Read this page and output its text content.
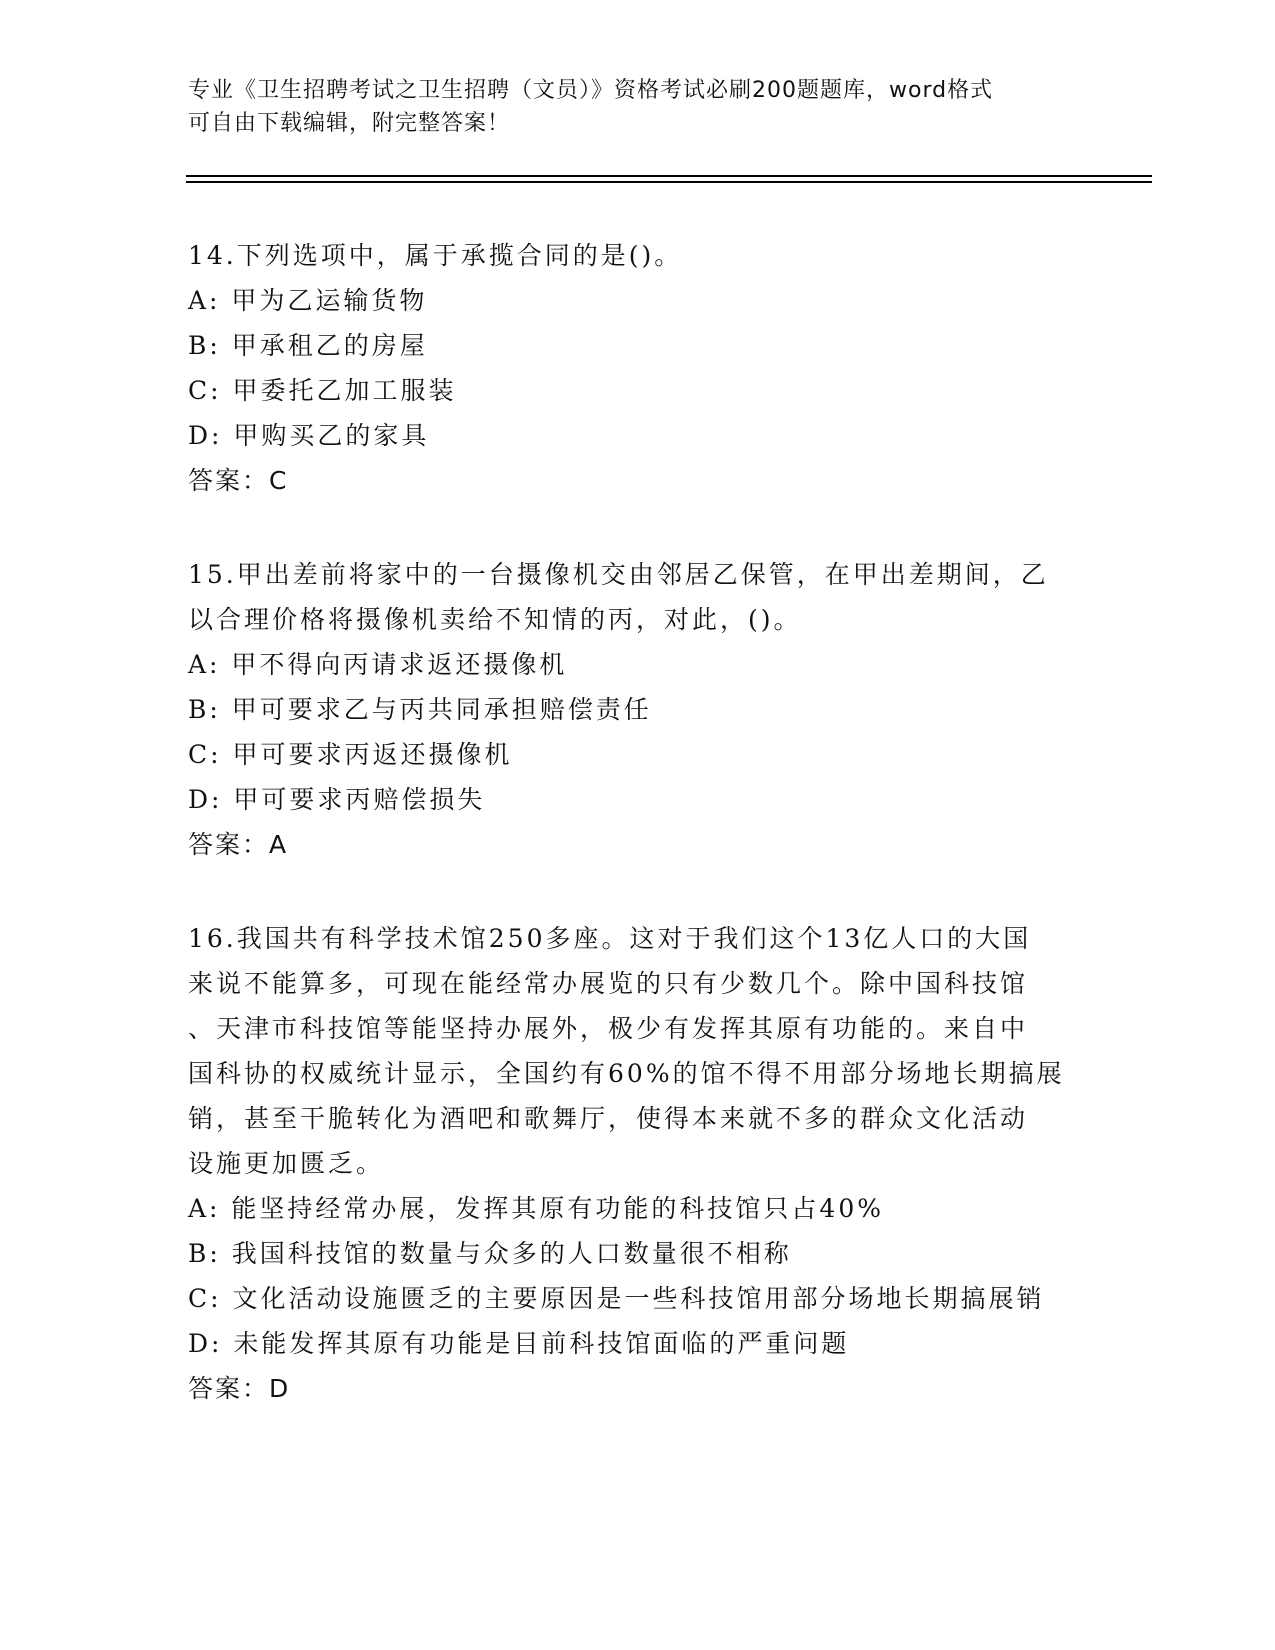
专业《卫生招聘考试之卫生招聘（文员）》资格考试必刷200题题库，word格式
可自由下载编辑，附完整答案！
14.下列选项中，属于承揽合同的是()。
A: 甲为乙运输货物
B: 甲承租乙的房屋
C: 甲委托乙加工服装
D: 甲购买乙的家具
答案：C
15.甲出差前将家中的一台摄像机交由邻居乙保管，在甲出差期间，乙
以合理价格将摄像机卖给不知情的丙，对此，()。
A: 甲不得向丙请求返还摄像机
B: 甲可要求乙与丙共同承担赔偿责任
C: 甲可要求丙返还摄像机
D: 甲可要求丙赔偿损失
答案：A
16.我国共有科学技术馆250多座。这对于我们这个13亿人口的大国
来说不能算多，可现在能经常办展览的只有少数几个。除中国科技馆
、天津市科技馆等能坚持办展外，极少有发挥其原有功能的。来自中
国科协的权威统计显示，全国约有60%的馆不得不用部分场地长期搞展
销，甚至干脆转化为酒吧和歌舞厅，使得本来就不多的群众文化活动
设施更加匮乏。
A: 能坚持经常办展，发挥其原有功能的科技馆只占40%
B: 我国科技馆的数量与众多的人口数量很不相称
C: 文化活动设施匮乏的主要原因是一些科技馆用部分场地长期搞展销
D: 未能发挥其原有功能是目前科技馆面临的严重问题
答案：D
